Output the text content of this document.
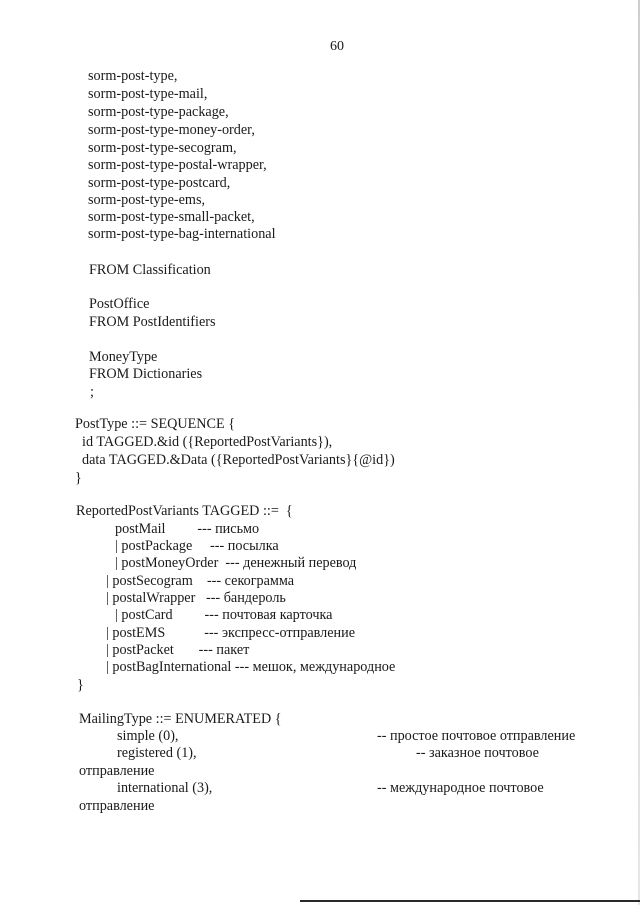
60
sorm-post-type,
sorm-post-type-mail,
sorm-post-type-package,
sorm-post-type-money-order,
sorm-post-type-secogram,
sorm-post-type-postal-wrapper,
sorm-post-type-postcard,
sorm-post-type-ems,
sorm-post-type-small-packet,
sorm-post-type-bag-international
FROM Classification
PostOffice
FROM PostIdentifiers
MoneyType
FROM Dictionaries
;
PostType ::= SEQUENCE {
id TAGGED.&id ({ReportedPostVariants}),
data TAGGED.&Data ({ReportedPostVariants}{@id})
}
ReportedPostVariants TAGGED ::=  {
postMail         --- письмо
| postPackage     --- посылка
| postMoneyOrder  --- денежный перевод
| postSecogram    --- секограмма
| postalWrapper   --- бандероль
| postCard         --- почтовая карточка
| postEMS           --- экспресс-отправление
| postPacket       --- пакет
| postBagInternational --- мешок, международное
}
MailingType ::= ENUMERATED {
simple (0),	-- простое почтовое отправление
registered (1),	-- заказное почтовое
отправление
international (3),	-- международное почтовое
отправление
